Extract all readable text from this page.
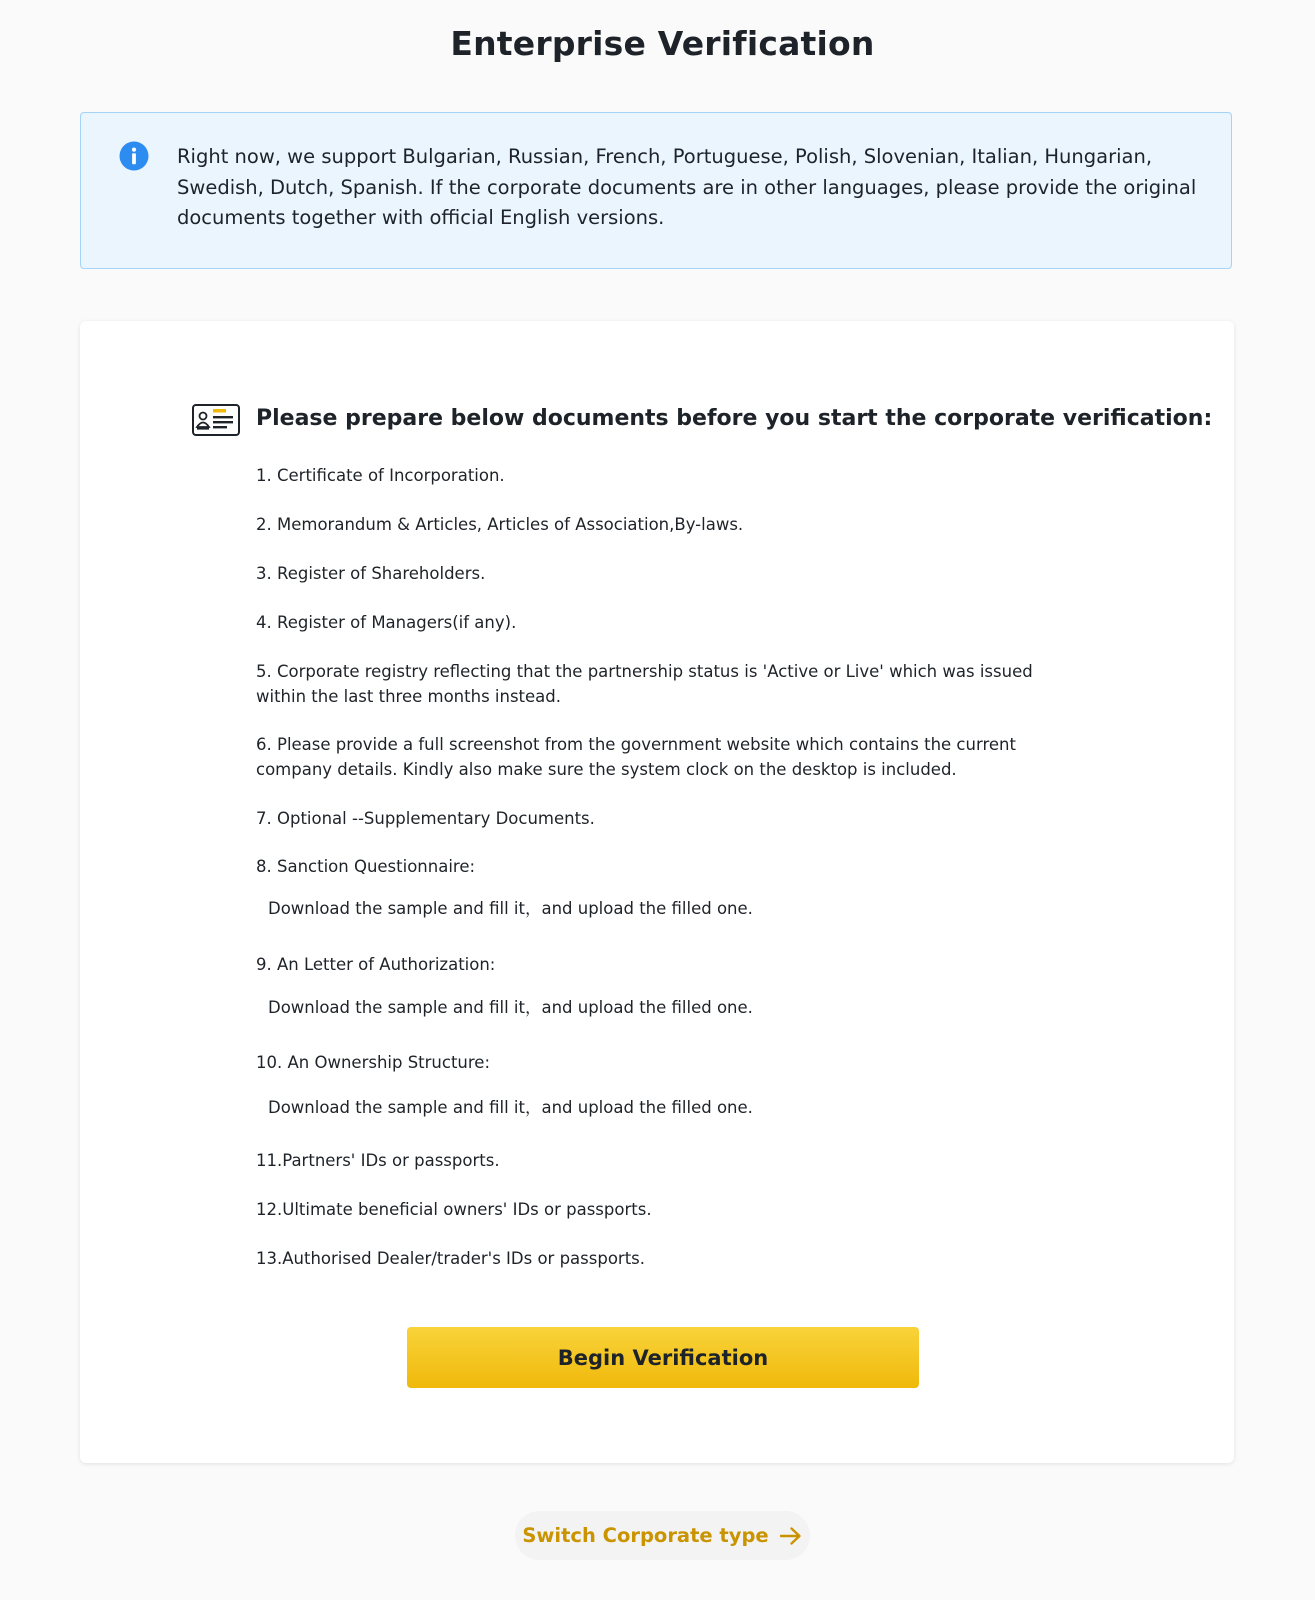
Enterprise Verification
Right now, we support Bulgarian, Russian, French, Portuguese, Polish, Slovenian, Italian, Hungarian, Swedish, Dutch, Spanish. If the corporate documents are in other languages, please provide the original documents together with official English versions.
Please prepare below documents before you start the corporate verification:
1. Certificate of Incorporation.
2. Memorandum & Articles, Articles of Association,By-laws.
3. Register of Shareholders.
4. Register of Managers(if any).
5. Corporate registry reflecting that the partnership status is 'Active or Live' which was issued within the last three months instead.
6. Please provide a full screenshot from the government website which contains the current company details. Kindly also make sure the system clock on the desktop is included.
7. Optional --Supplementary Documents.
8. Sanction Questionnaire:
Download the sample and fill it，and upload the filled one.
9. An Letter of Authorization:
Download the sample and fill it，and upload the filled one.
10. An Ownership Structure:
Download the sample and fill it，and upload the filled one.
11.Partners' IDs or passports.
12.Ultimate beneficial owners' IDs or passports.
13.Authorised Dealer/trader's IDs or passports.
Begin Verification
Switch Corporate type
